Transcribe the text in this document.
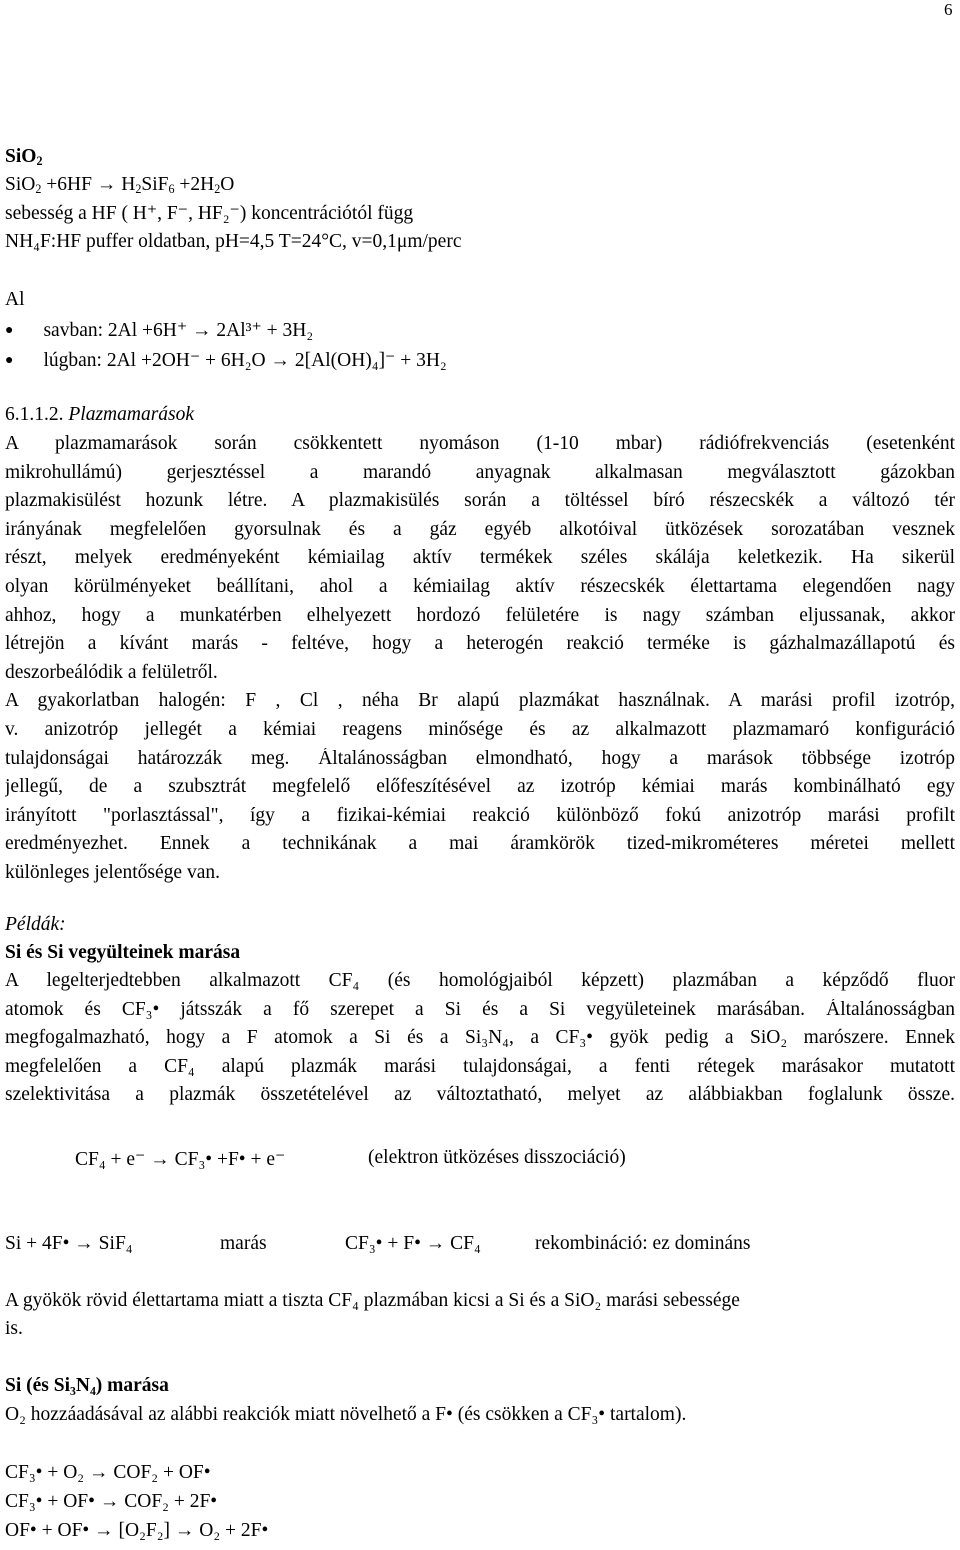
6
SiO$_2$
$SiO_2 +6HF \to H_2SiF_6 +2H_2O$
sebesség a HF ( H⁺, F⁻, HF₂⁻) koncentrációtól függ
NH₄F:HF puffer oldatban, pH=4,5 T=24°C, v=0,1μm/perc
Al
● savban: 2Al +6H⁺ → 2Al³⁺ + 3H₂
● lúgban: 2Al +2OH⁻ + 6H₂O → 2[Al(OH)₄]⁻ + 3H₂
6.1.1.2. Plazmamarások
A plazmamarások során csökkentett nyomáson (1-10 mbar) rádiófrekvenciás (esetenként
mikrohullámú) gerjesztéssel a marandó anyagnak alkalmasan megválasztott gázokban
plazmakisülést hozunk létre. A plazmakisülés során a töltéssel bíró részecskék a változó tér
irányának megfelelően gyorsulnak és a gáz egyéb alkotóival ütközések sorozatában vesznek
részt, melyek eredményeként kémiailag aktív termékek széles skálája keletkezik. Ha sikerül
olyan körülményeket beállítani, ahol a kémiailag aktív részecskék élettartama elegendően nagy
ahhoz, hogy a munkatérben elhelyezett hordozó felületére is nagy számban eljussanak, akkor
létrejön a kívánt marás - feltéve, hogy a heterogén reakció terméke is gázhalmazállapotú és
deszorbeálódik a felületről.
A gyakorlatban halogén: F , Cl , néha Br alapú plazmákat használnak. A marási profil izotróp,
v. anizotróp jellegét a kémiai reagens minősége és az alkalmazott plazmamaró konfiguráció
tulajdonságai határozzák meg. Általánosságban elmondható, hogy a marások többsége izotróp
jellegű, de a szubsztrát megfelelő előfeszítésével az izotróp kémiai marás kombinálható egy
irányított "porlasztással", így a fizikai-kémiai reakció különböző fokú anizotróp marási profilt
eredményezhet. Ennek a technikának a mai áramkörök tized-mikrométeres méretei mellett
különleges jelentősége van.
Példák:
Si és Si vegyülteinek marása
A legelterjedtebben alkalmazott CF₄ (és homológjaiból képzett) plazmában a képződő fluor
atomok és CF₃• játsszák a fő szerepet a Si és a Si vegyületeinek marásában. Általánosságban
megfogalmazható, hogy a F atomok a Si és a Si₃N₄, a CF₃• gyök pedig a SiO₂ marószere. Ennek
megfelelően a CF₄ alapú plazmák marási tulajdonságai, a fenti rétegek marásakor mutatott
szelektivitása a plazmák összetételével az változtatható, melyet az alábbiakban foglalunk össze.
CF₄ + e⁻ → CF₃• +F• + e⁻	(elektron ütközéses disszociáció)
Si + 4F• → SiF₄	marás	CF₃• + F• → CF₄	rekombináció: ez domináns
A gyökök rövid élettartama miatt a tiszta CF₄ plazmában kicsi a Si és a SiO₂ marási sebessége
is.
Si (és Si₃N₄) marása
O₂ hozzáadásával az alábbi reakciók miatt növelhető a F• (és csökken a CF₃• tartalom).
CF₃• + O₂ → COF₂ + OF•
CF₃• + OF• → COF₂ + 2F•
OF• + OF• → [O₂F₂] → O₂ + 2F•
